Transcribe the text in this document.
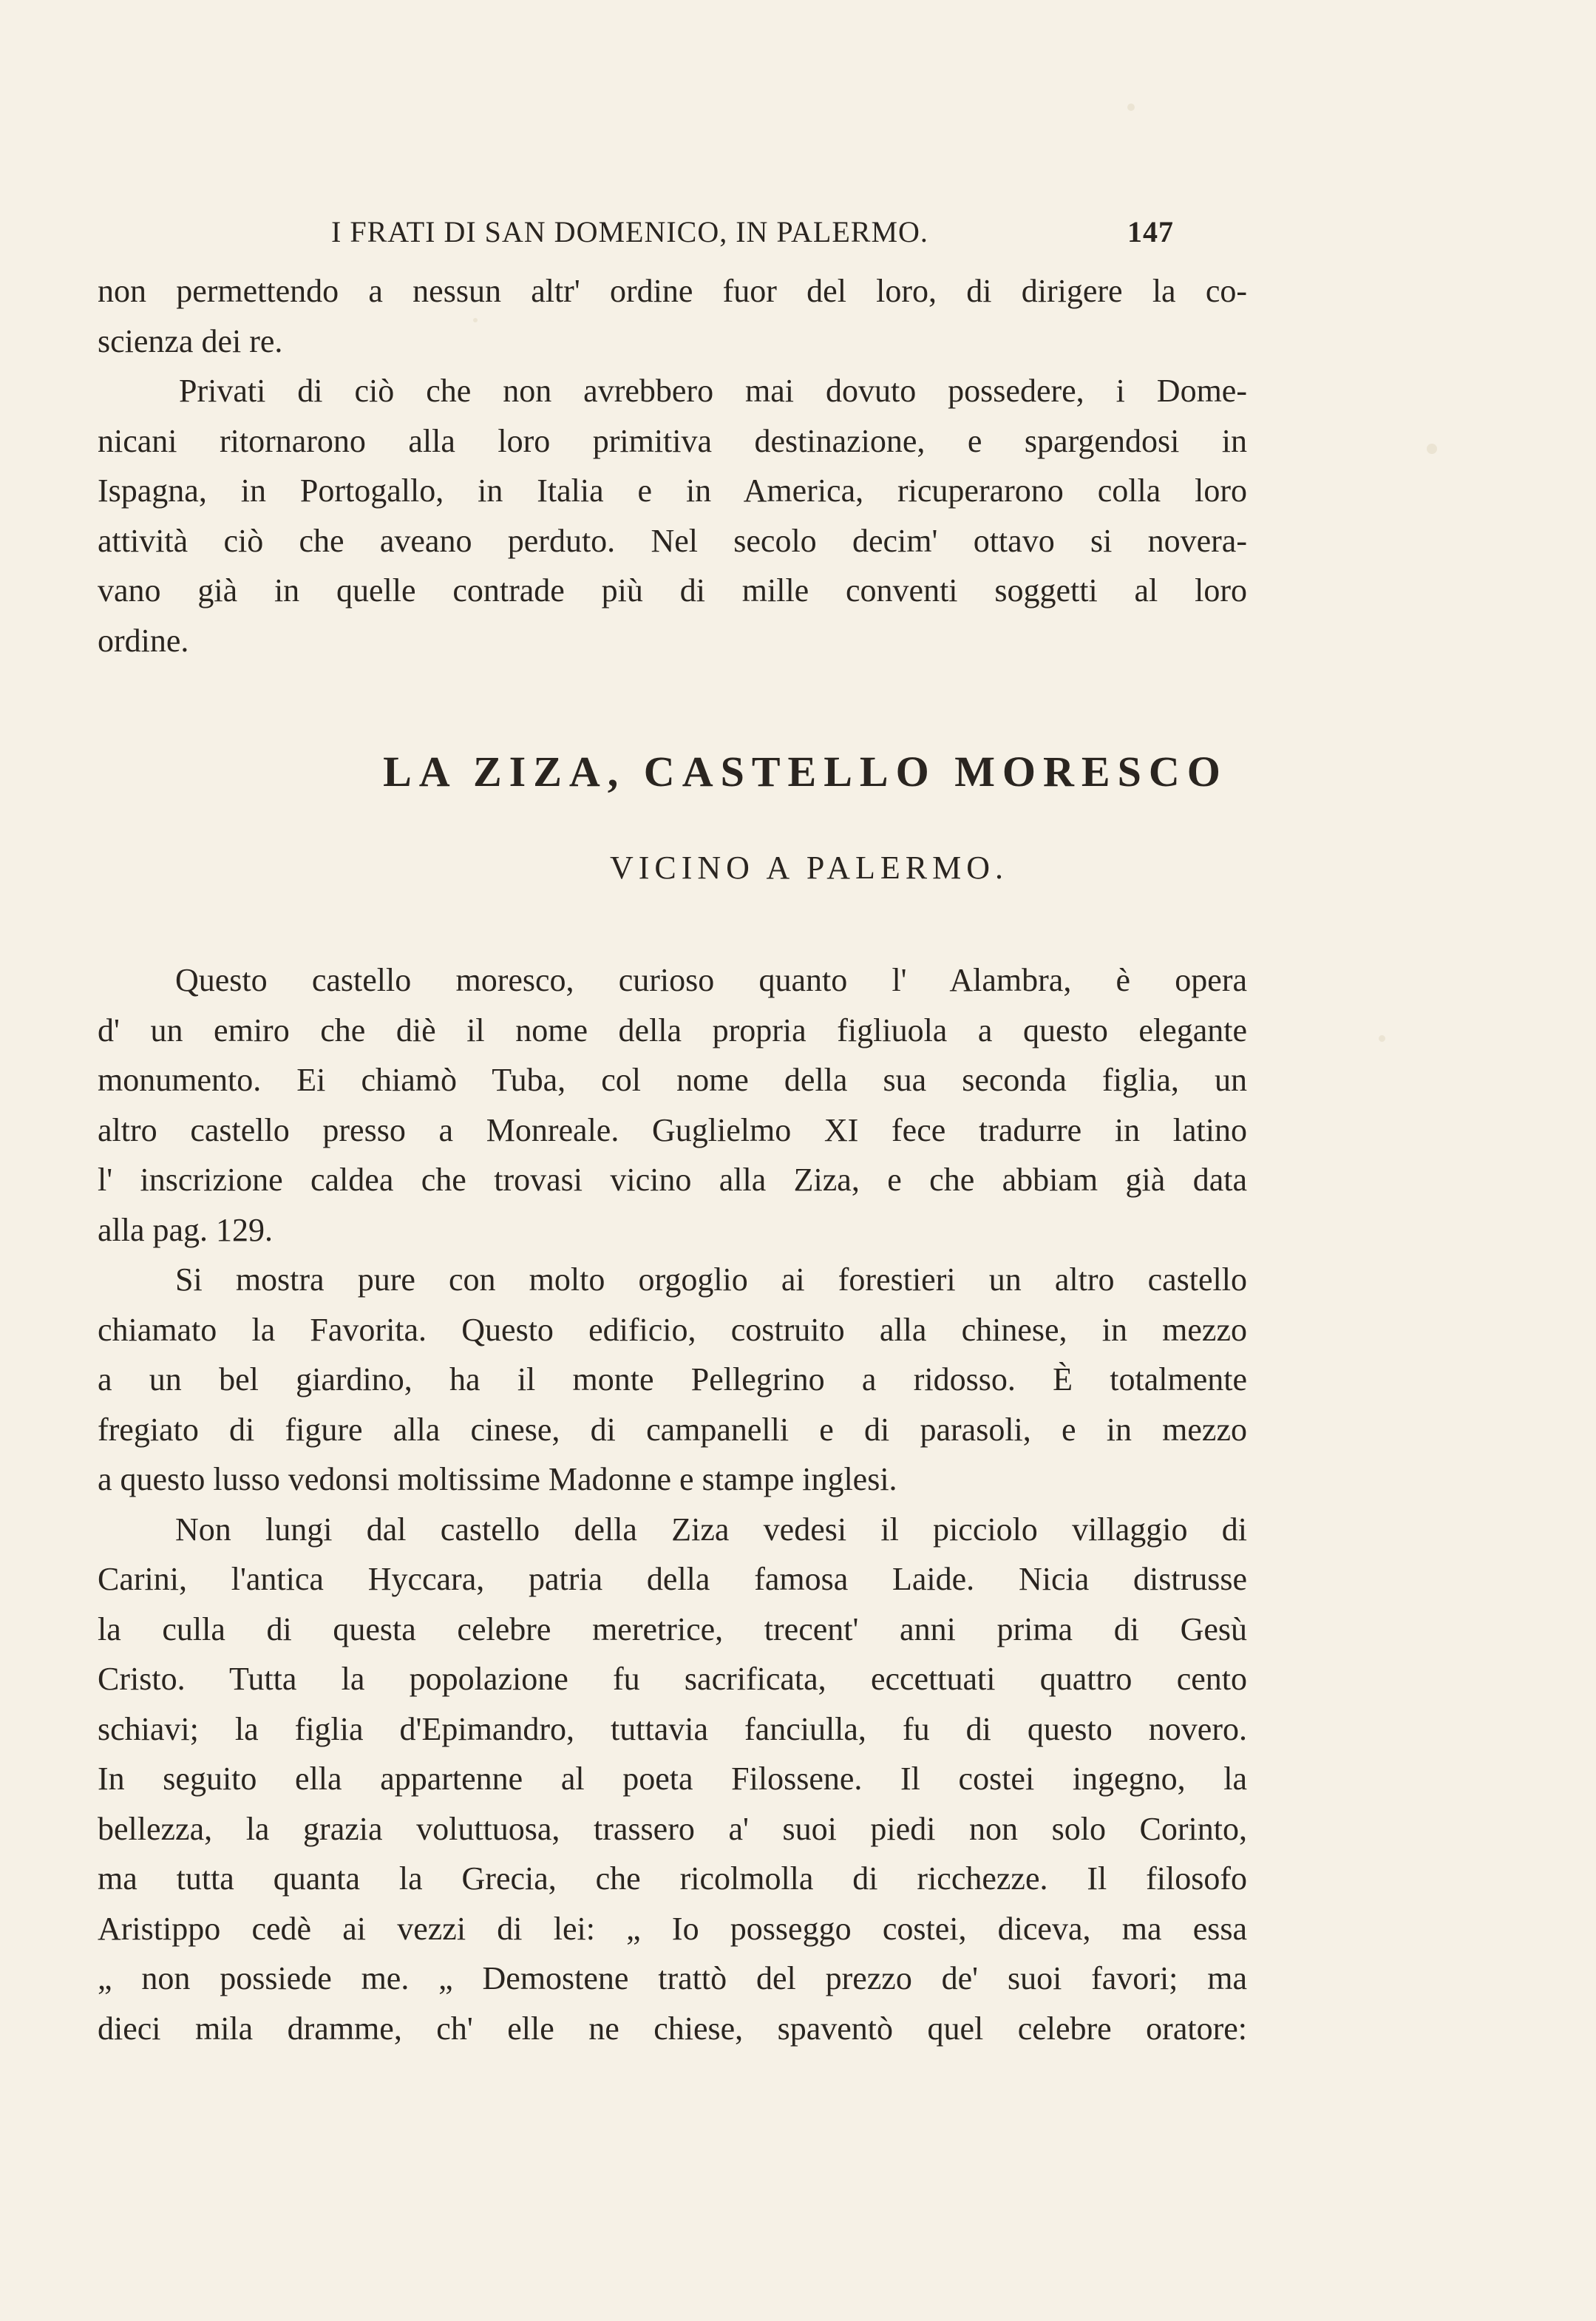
I FRATI DI SAN DOMENICO, IN PALERMO.	147
non permettendo a nessun altr' ordine fuor del loro, di dirigere la co-
scienza dei re.
Privati di ciò che non avrebbero mai dovuto possedere, i Dome-
nicani ritornarono alla loro primitiva destinazione, e spargendosi in
Ispagna, in Portogallo, in Italia e in America, ricuperarono colla loro
attività ciò che aveano perduto. Nel secolo decim' ottavo si novera-
vano già in quelle contrade più di mille conventi soggetti al loro
ordine.
LA ZIZA, CASTELLO MORESCO
VICINO A PALERMO.
Questo castello moresco, curioso quanto l' Alambra, è opera
d' un emiro che diè il nome della propria figliuola a questo elegante
monumento. Ei chiamò Tuba, col nome della sua seconda figlia, un
altro castello presso a Monreale. Guglielmo XI fece tradurre in latino
l' inscrizione caldea che trovasi vicino alla Ziza, e che abbiam già data
alla pag. 129.
Si mostra pure con molto orgoglio ai forestieri un altro castello
chiamato la Favorita. Questo edificio, costruito alla chinese, in mezzo
a un bel giardino, ha il monte Pellegrino a ridosso. È totalmente
fregiato di figure alla cinese, di campanelli e di parasoli, e in mezzo
a questo lusso vedonsi moltissime Madonne e stampe inglesi.
Non lungi dal castello della Ziza vedesi il picciolo villaggio di
Carini, l'antica Hyccara, patria della famosa Laide. Nicia distrusse
la culla di questa celebre meretrice, trecent' anni prima di Gesù
Cristo. Tutta la popolazione fu sacrificata, eccettuati quattro cento
schiavi; la figlia d'Epimandro, tuttavia fanciulla, fu di questo novero.
In seguito ella appartenne al poeta Filossene. Il costei ingegno, la
bellezza, la grazia voluttuosa, trassero a' suoi piedi non solo Corinto,
ma tutta quanta la Grecia, che ricolmolla di ricchezze. Il filosofo
Aristippo cedè ai vezzi di lei: „ Io posseggo costei, diceva, ma essa
„ non possiede me. „ Demostene trattò del prezzo de' suoi favori; ma
dieci mila dramme, ch' elle ne chiese, spaventò quel celebre oratore:
